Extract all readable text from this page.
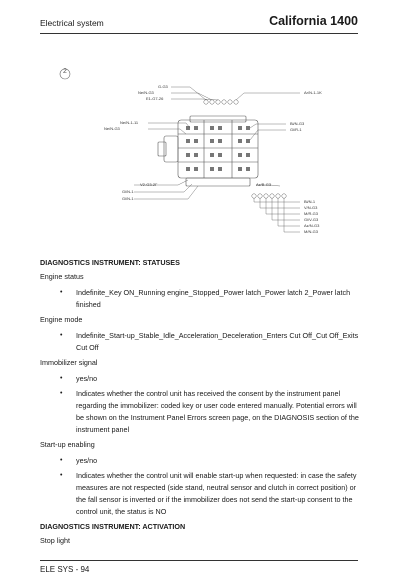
Electrical system	California 1400
2
G-G3
Ne/N-G3
E1-G7-26
Ar/N-1-1K
Ne/N-1-11
Ne/N-G3
Bi/N-G3
Gi/R-1
V2-G3-2Γ
Gi/N-1
Gi/N-1
Az/B-G3
Bi/N-1
V/N-G3
M/R-G3
Gi/V-G3
Az/N-G3
M/N-G3

DIAGNOSTICS INSTRUMENT: STATUSES

Engine status

• Indefinite_Key ON_Running engine_Stopped_Power latch_Power latch 2_Power latch finished

Engine mode

• Indefinite_Start-up_Stable_Idle_Acceleration_Deceleration_Enters Cut Off_Cut Off_Exits Cut Off

Immobilizer signal

• yes/no
• Indicates whether the control unit has received the consent by the instrument panel regarding the immobilizer: coded key or user code entered manually. Potential errors will be shown on the Instrument Panel Errors screen page, on the DIAGNOSIS section of the instrument panel

Start-up enabling

• yes/no
• Indicates whether the control unit will enable start-up when requested: in case the safety measures are not respected (side stand, neutral sensor and clutch in correct position) or the fall sensor is inverted or if the immobilizer does not send the start-up consent to the control unit, the status is NO

DIAGNOSTICS INSTRUMENT: ACTIVATION

Stop light

ELE SYS - 94
